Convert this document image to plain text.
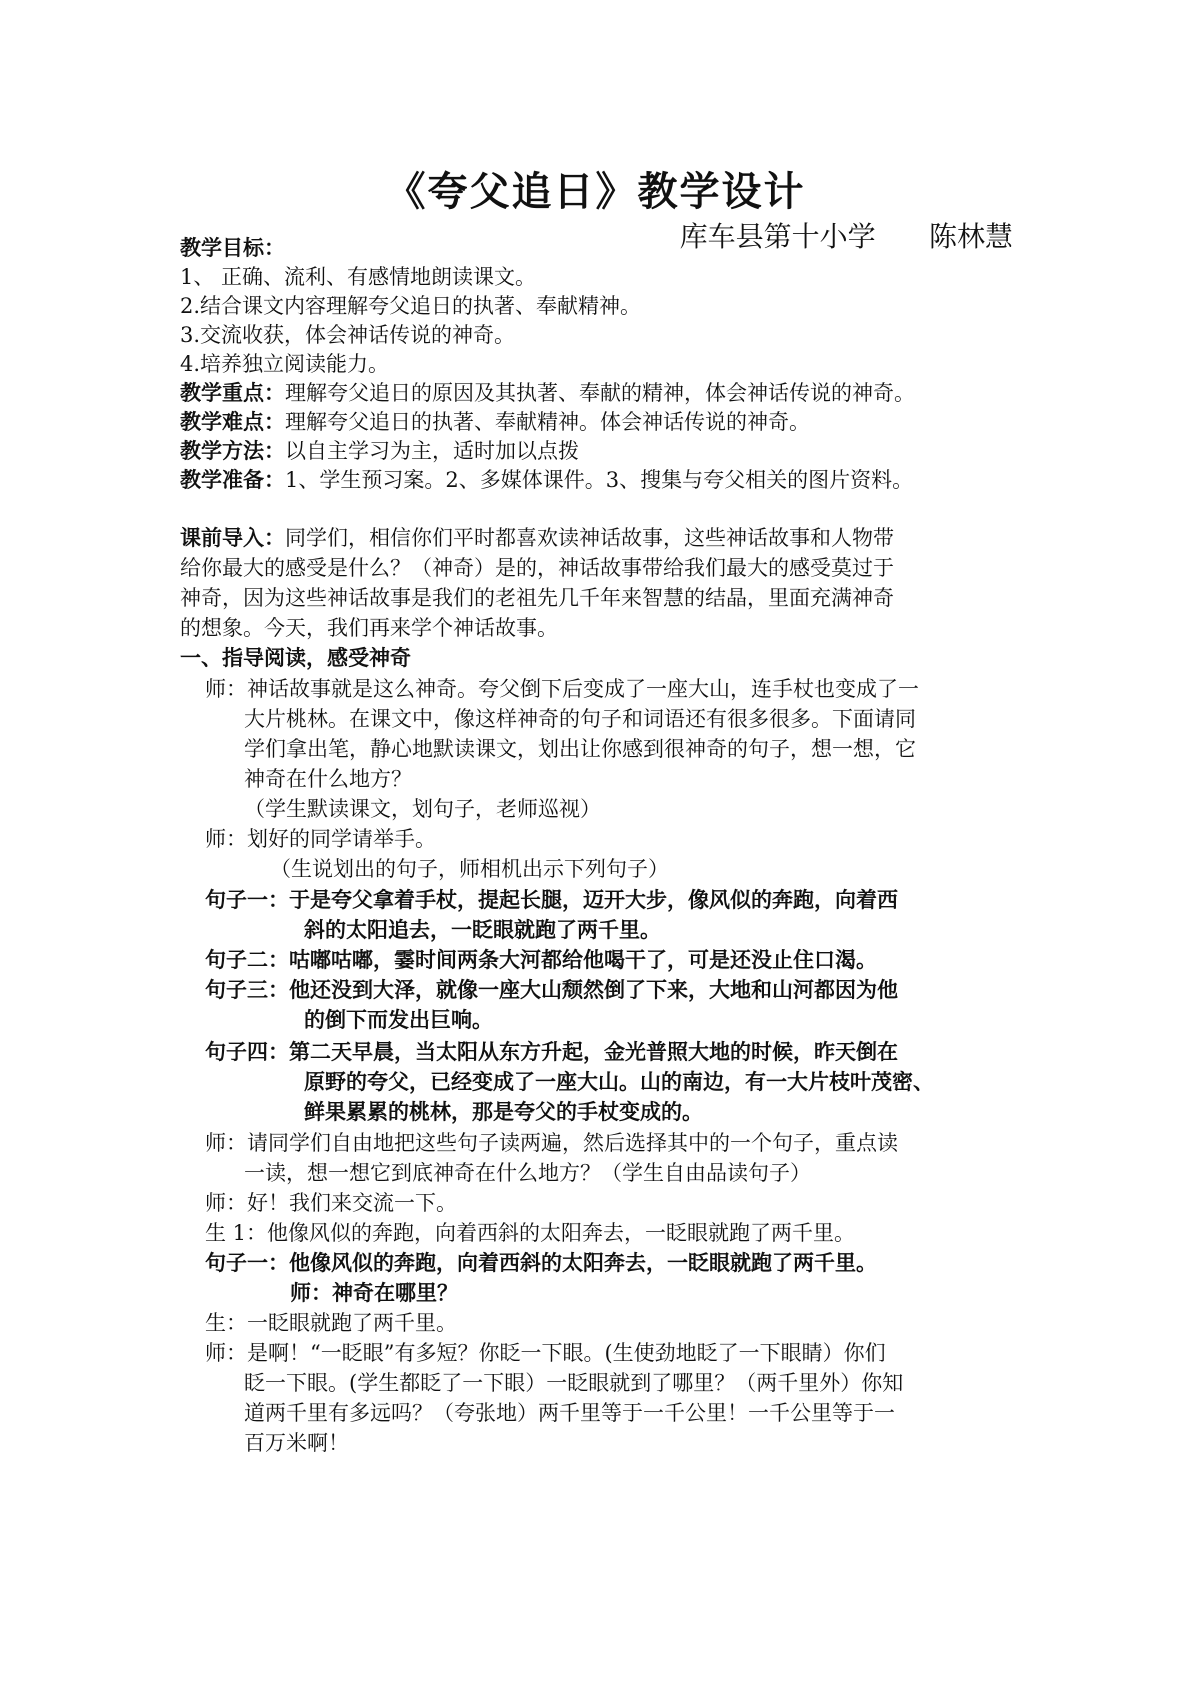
《夸父追日》教学设计
库车县第十小学      陈林慧
教学目标：
1、 正确、流利、有感情地朗读课文。
2.结合课文内容理解夸父追日的执著、奉献精神。
3.交流收获，体会神话传说的神奇。
4.培养独立阅读能力。
教学重点：理解夸父追日的原因及其执著、奉献的精神，体会神话传说的神奇。
教学难点：理解夸父追日的执著、奉献精神。体会神话传说的神奇。
教学方法：以自主学习为主，适时加以点拨
教学准备：1、学生预习案。2、多媒体课件。3、搜集与夸父相关的图片资料。
课前导入：同学们，相信你们平时都喜欢读神话故事，这些神话故事和人物带
给你最大的感受是什么？（神奇）是的，神话故事带给我们最大的感受莫过于
神奇，因为这些神话故事是我们的老祖先几千年来智慧的结晶，里面充满神奇
的想象。今天，我们再来学个神话故事。
一、指导阅读，感受神奇
师：神话故事就是这么神奇。夸父倒下后变成了一座大山，连手杖也变成了一
大片桃林。在课文中，像这样神奇的句子和词语还有很多很多。下面请同
学们拿出笔，静心地默读课文，划出让你感到很神奇的句子，想一想，它
神奇在什么地方？
（学生默读课文，划句子，老师巡视）
师：划好的同学请举手。
（生说划出的句子，师相机出示下列句子）
句子一：于是夸父拿着手杖，提起长腿，迈开大步，像风似的奔跑，向着西
斜的太阳追去，一眨眼就跑了两千里。
句子二：咕嘟咕嘟，霎时间两条大河都给他喝干了，可是还没止住口渴。
句子三：他还没到大泽，就像一座大山颓然倒了下来，大地和山河都因为他
的倒下而发出巨响。
句子四：第二天早晨，当太阳从东方升起，金光普照大地的时候，昨天倒在
原野的夸父，已经变成了一座大山。山的南边，有一大片枝叶茂密、
鲜果累累的桃林，那是夸父的手杖变成的。
师：请同学们自由地把这些句子读两遍，然后选择其中的一个句子，重点读
一读，想一想它到底神奇在什么地方？（学生自由品读句子）
师：好！我们来交流一下。
生 1：他像风似的奔跑，向着西斜的太阳奔去，一眨眼就跑了两千里。
句子一：他像风似的奔跑，向着西斜的太阳奔去，一眨眼就跑了两千里。
师：神奇在哪里？
生：一眨眼就跑了两千里。
师：是啊！“一眨眼”有多短？你眨一下眼。(生使劲地眨了一下眼睛）你们
眨一下眼。(学生都眨了一下眼）一眨眼就到了哪里？（两千里外）你知
道两千里有多远吗？（夸张地）两千里等于一千公里！一千公里等于一
百万米啊！
